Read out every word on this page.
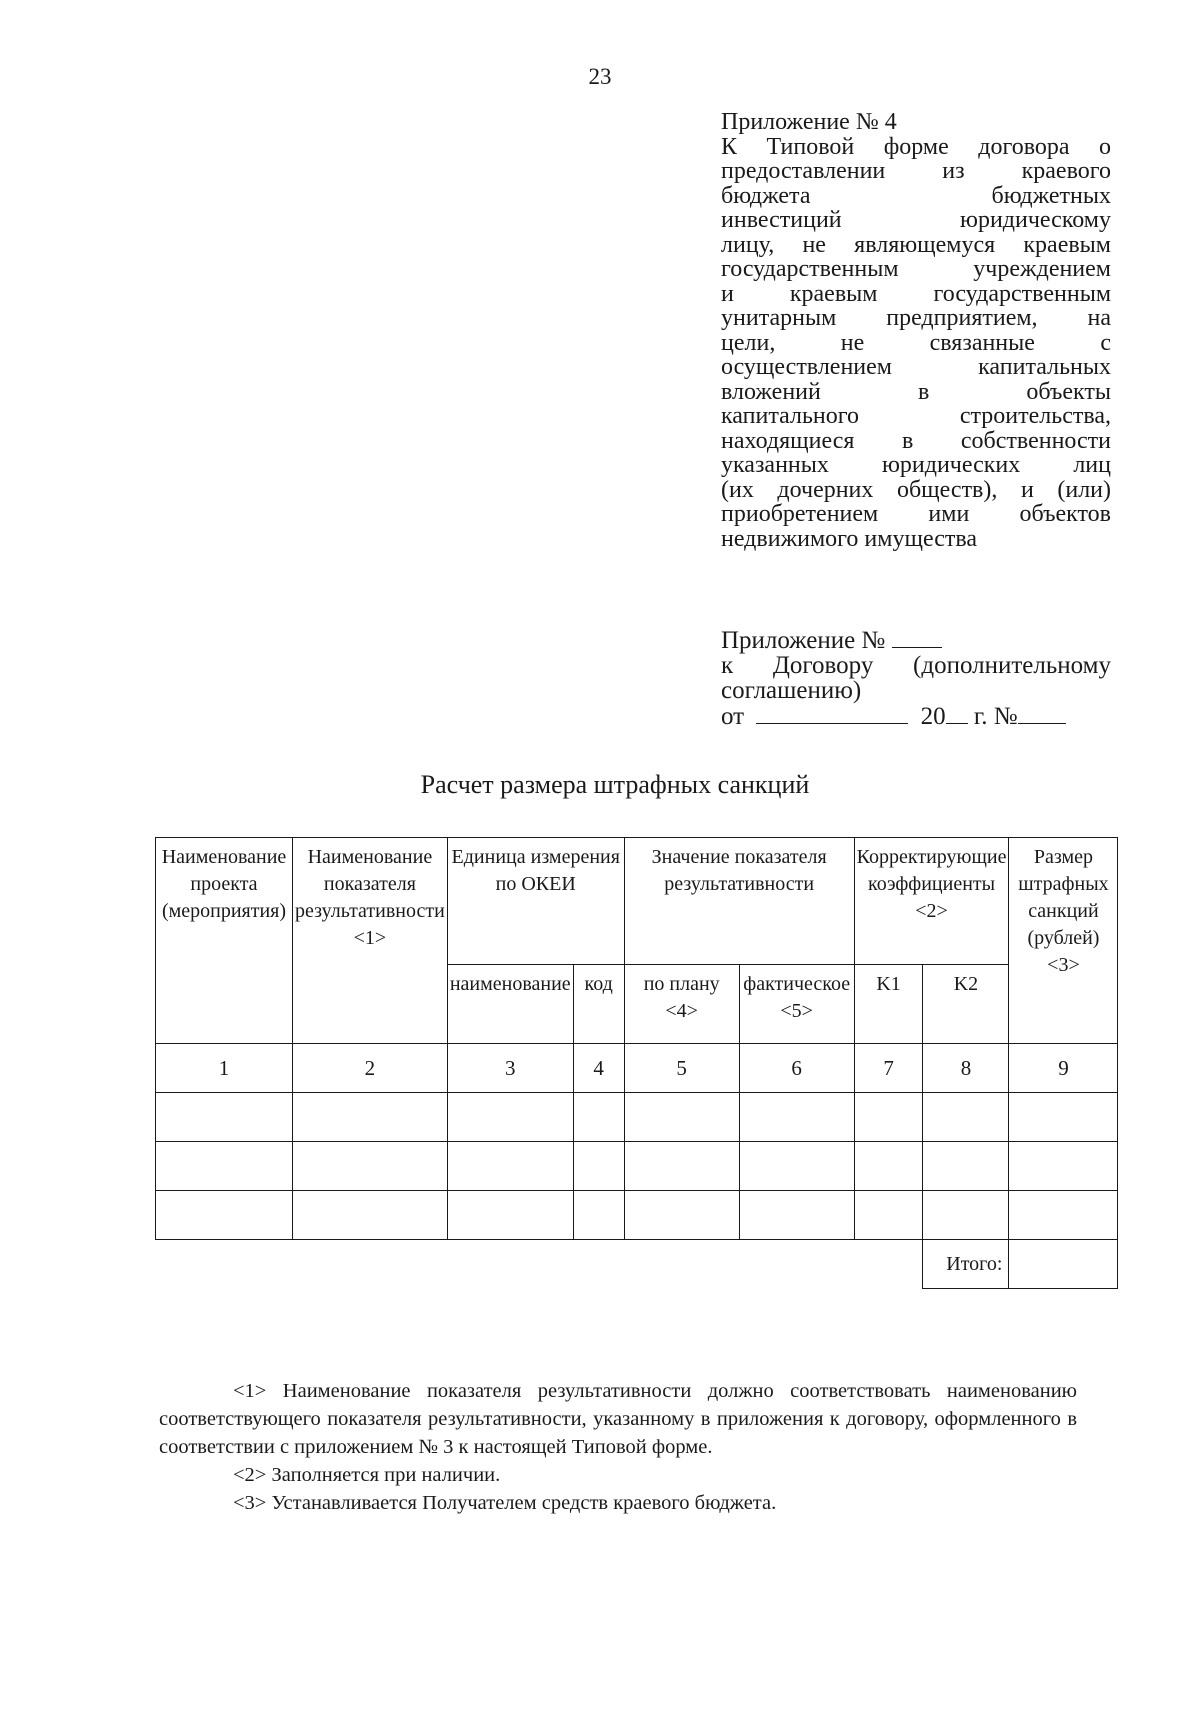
23
Приложение № 4
К Типовой форме договора о
предоставлении из краевого
бюджета бюджетных
инвестиций юридическому
лицу, не являющемуся краевым
государственным учреждением
и краевым государственным
унитарным предприятием, на
цели, не связанные с
осуществлением капитальных
вложений в объекты
капитального строительства,
находящиеся в собственности
указанных юридических лиц
(их дочерних обществ), и (или)
приобретением ими объектов
недвижимого имущества
Приложение №
к Договору (дополнительному
соглашению)
от	20 г. №
Расчет размера штрафных санкций
Наименование проекта (мероприятия)	Наименование показателя результативности <1>	Единица измерения по ОКЕИ		Значение показателя результативности		Корректирующие коэффициенты <2>		Размер штрафных санкций (рублей) <3>
		наименование	код	по плану <4>	фактическое <5>	K1	K2	
1	2	3	4	5	6	7	8	9

							Итого:	

<1> Наименование показателя результативности должно соответствовать наименованию соответствующего показателя результативности, указанному в приложения к договору, оформленного в соответствии с приложением № 3 к настоящей Типовой форме.

<2> Заполняется при наличии.

<3> Устанавливается Получателем средств краевого бюджета.
